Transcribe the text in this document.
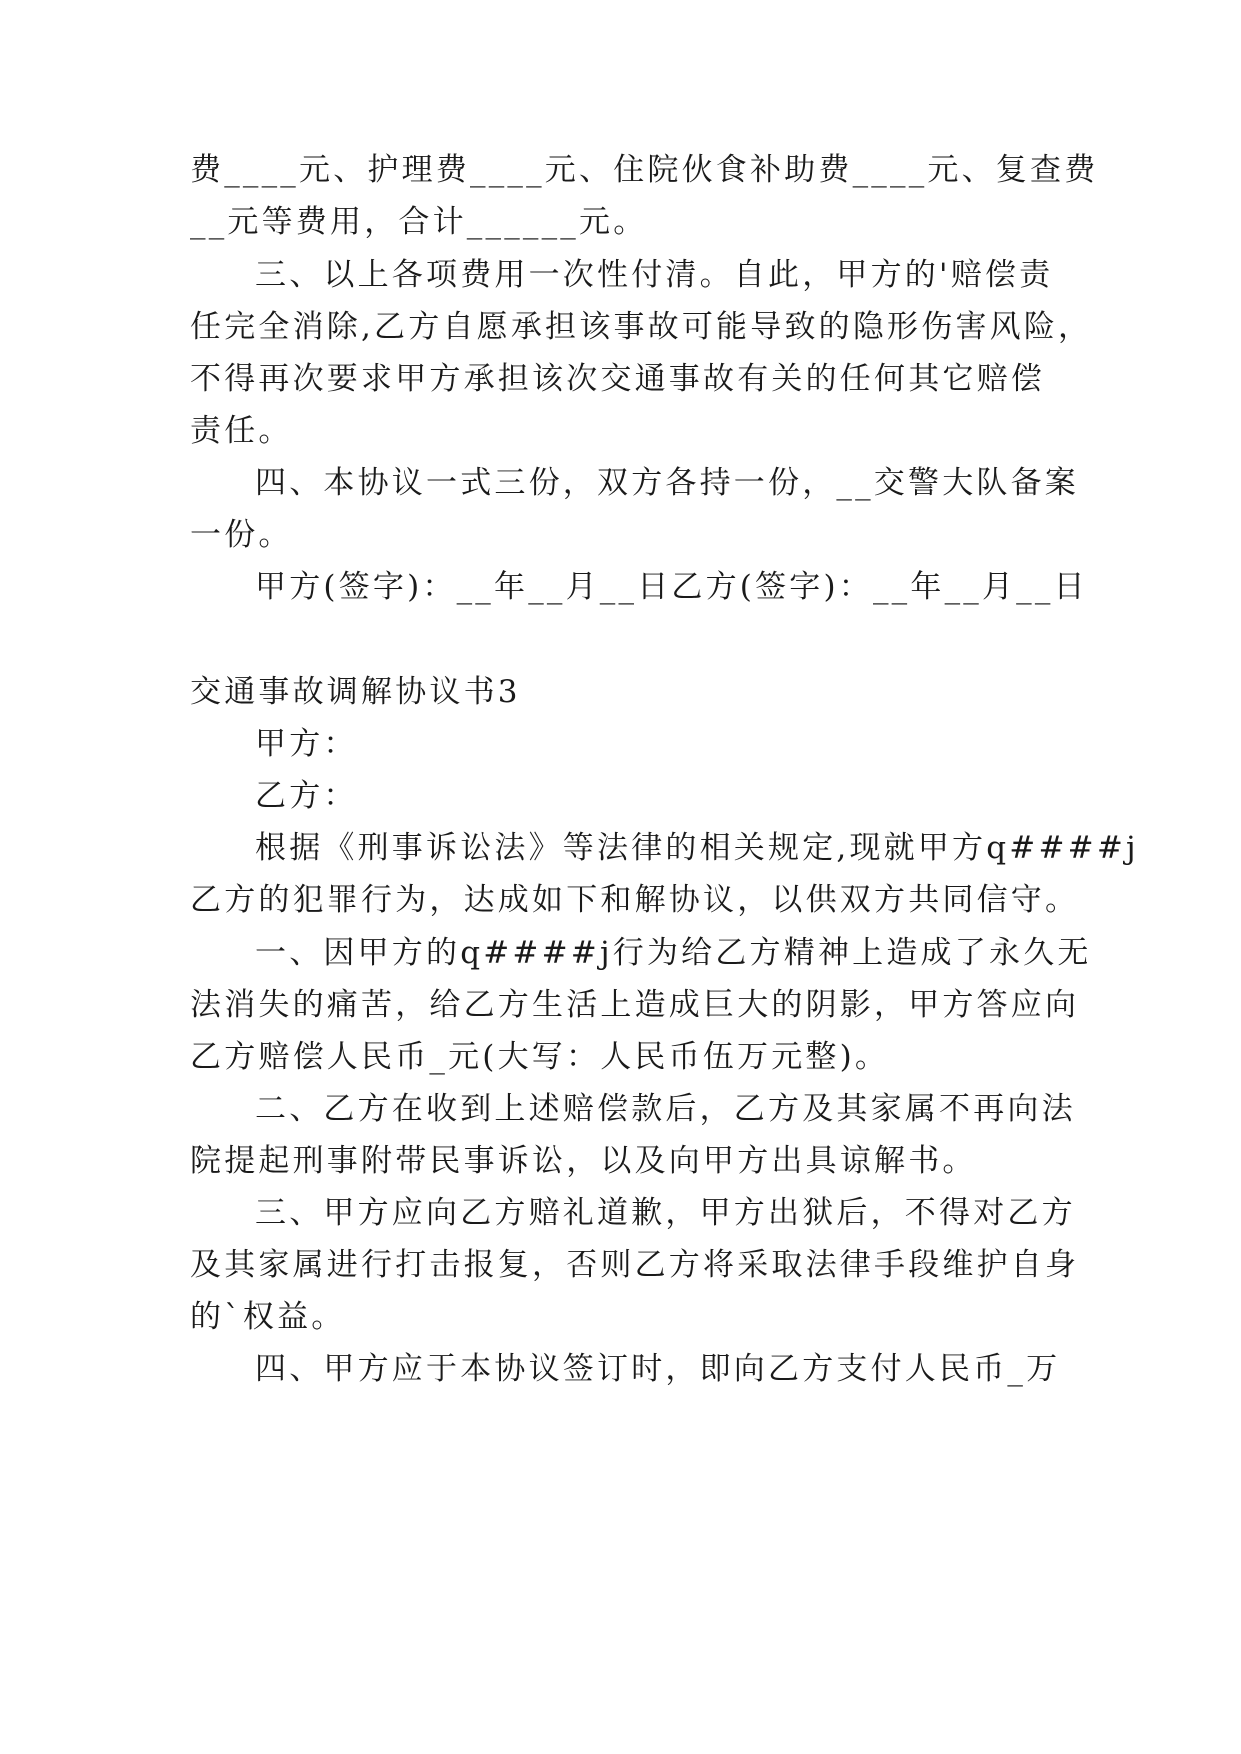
费____元、护理费____元、住院伙食补助费____元、复查费
__元等费用，合计______元。
三、以上各项费用一次性付清。自此，甲方的'赔偿责
任完全消除,乙方自愿承担该事故可能导致的隐形伤害风险，
不得再次要求甲方承担该次交通事故有关的任何其它赔偿
责任。
四、本协议一式三份，双方各持一份，__交警大队备案
一份。
甲方(签字)：__年__月__日乙方(签字)：__年__月__日
交通事故调解协议书3
甲方：
乙方：
根据《刑事诉讼法》等法律的相关规定,现就甲方q####j
乙方的犯罪行为，达成如下和解协议，以供双方共同信守。
一、因甲方的q####j行为给乙方精神上造成了永久无
法消失的痛苦，给乙方生活上造成巨大的阴影，甲方答应向
乙方赔偿人民币_元(大写：人民币伍万元整)。
二、乙方在收到上述赔偿款后，乙方及其家属不再向法
院提起刑事附带民事诉讼，以及向甲方出具谅解书。
三、甲方应向乙方赔礼道歉，甲方出狱后，不得对乙方
及其家属进行打击报复，否则乙方将采取法律手段维护自身
的`权益。
四、甲方应于本协议签订时，即向乙方支付人民币_万
